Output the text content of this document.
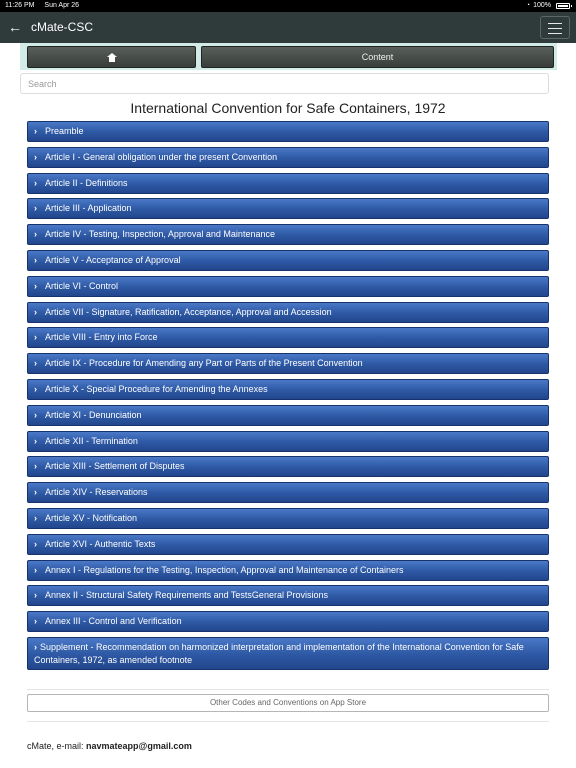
11:26 PM Sun Apr 26	◔ 100%
← cMate-CSC
Content
Search
International Convention for Safe Containers, 1972
› Preamble
› Article I - General obligation under the present Convention
› Article II - Definitions
› Article III - Application
› Article IV - Testing, Inspection, Approval and Maintenance
› Article V - Acceptance of Approval
› Article VI - Control
› Article VII - Signature, Ratification, Acceptance, Approval and Accession
› Article VIII - Entry into Force
› Article IX - Procedure for Amending any Part or Parts of the Present Convention
› Article X - Special Procedure for Amending the Annexes
› Article XI - Denunciation
› Article XII - Termination
› Article XIII - Settlement of Disputes
› Article XIV - Reservations
› Article XV - Notification
› Article XVI - Authentic Texts
› Annex I - Regulations for the Testing, Inspection, Approval and Maintenance of Containers
› Annex II - Structural Safety Requirements and TestsGeneral Provisions
› Annex III - Control and Verification
› Supplement - Recommendation on harmonized interpretation and implementation of the International Convention for Safe Containers, 1972, as amended footnote
Other Codes and Conventions on App Store
cMate, e-mail: navmateapp@gmail.com
